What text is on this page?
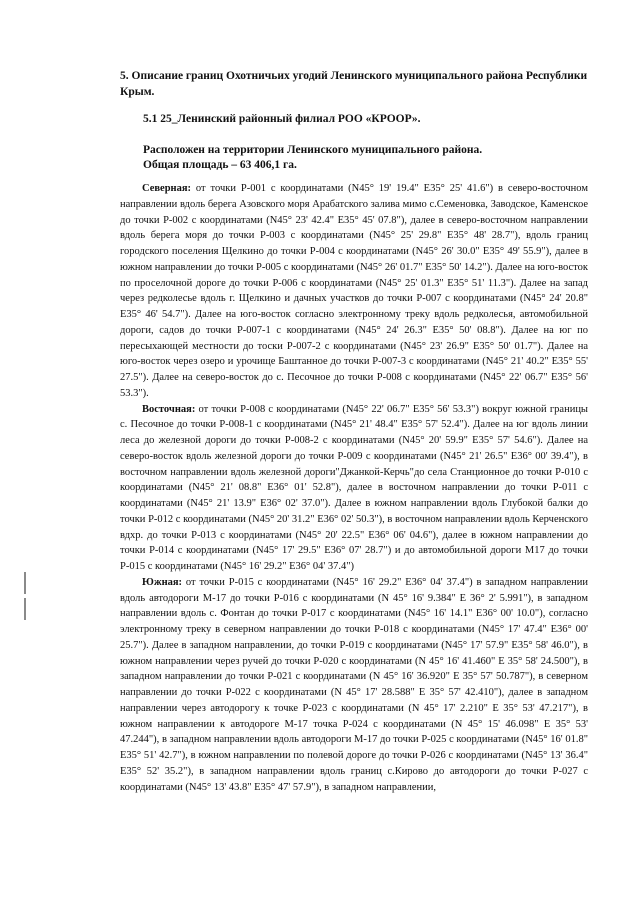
5. Описание границ Охотничьих угодий Ленинского муниципального района Республики Крым.

5.1 25_Ленинский районный филиал РОО «КРООР».

Расположен на территории Ленинского муниципального района.
Общая площадь – 63 406,1 га.

Северная: от точки Р-001 с координатами (N45° 19' 19.4" E35° 25' 41.6") в северо-восточном направлении вдоль берега Азовского моря Арабатского залива мимо с.Семеновка, Заводское, Каменское до точки Р-002 с координатами (N45° 23' 42.4" E35° 45' 07.8"), далее в северо-восточном направлении вдоль берега моря до точки Р-003 с координатами (N45° 25' 29.8" E35° 48' 28.7"), вдоль границ городского поселения Щелкино до точки Р-004 с координатами (N45° 26' 30.0" E35° 49' 55.9"), далее в южном направлении до точки Р-005 с координатами (N45° 26' 01.7" E35° 50' 14.2"). Далее на юго-восток по проселочной дороге до точки Р-006 с координатами (N45° 25' 01.3" E35° 51' 11.3"). Далее на запад через редколесье вдоль г. Щелкино и дачных участков до точки Р-007 с координатами (N45° 24' 20.8" E35° 46' 54.7"). Далее на юго-восток согласно электронному треку вдоль редколесья, автомобильной дороги, садов до точки Р-007-1 с координатами (N45° 24' 26.3" E35° 50' 08.8"). Далее на юг по пересыхающей местности до тоски Р-007-2 с координатами (N45° 23' 26.9" E35° 50' 01.7"). Далее на юго-восток через озеро и урочище Баштанное до точки Р-007-3 с координатами (N45° 21' 40.2" E35° 55' 27.5"). Далее на северо-восток до с. Песочное до точки Р-008 с координатами (N45° 22' 06.7" E35° 56' 53.3").

Восточная: от точки Р-008 с координатами (N45° 22' 06.7" E35° 56' 53.3") вокруг южной границы с. Песочное до точки Р-008-1 с координатами (N45° 21' 48.4" E35° 57' 52.4"). Далее на юг вдоль линии леса до железной дороги до точки Р-008-2 с координатами (N45° 20' 59.9" E35° 57' 54.6"). Далее на северо-восток вдоль железной дороги до точки Р-009 с координатами (N45° 21' 26.5" E36° 00' 39.4"), в восточном направлении вдоль железной дороги"Джанкой-Керчь"до села Станционное до точки Р-010 с координатами (N45° 21' 08.8" E36° 01' 52.8"), далее в восточном направлении до точки Р-011 с координатами (N45° 21' 13.9" E36° 02' 37.0"). Далее в южном направлении вдоль Глубокой балки до точки Р-012 с координатами (N45° 20' 31.2" E36° 02' 50.3"), в восточном направлении вдоль Керченского вдхр. до точки Р-013 с координатами (N45° 20' 22.5" E36° 06' 04.6"), далее в южном направлении до точки Р-014 с координатами (N45° 17' 29.5" E36° 07' 28.7") и до автомобильной дороги М17 до точки Р-015 с координатами (N45° 16' 29.2" E36° 04' 37.4")

Южная: от точки Р-015 с координатами (N45° 16' 29.2" E36° 04' 37.4") в западном направлении вдоль автодороги М-17 до точки Р-016 с координатами (N 45° 16' 9.384" E 36° 2' 5.991"), в западном направлении вдоль с. Фонтан до точки Р-017 с координатами (N45° 16' 14.1" E36° 00' 10.0"), согласно электронному треку в северном направлении до точки Р-018 с координатами (N45° 17' 47.4" E36° 00' 25.7"). Далее в западном направлении, до точки Р-019 с координатами (N45° 17' 57.9" E35° 58' 46.0"), в южном направлении через ручей до точки Р-020 с координатами (N 45° 16' 41.460" E 35° 58' 24.500"), в западном направлении до точки Р-021 с координатами (N 45° 16' 36.920" E 35° 57' 50.787"), в северном направлении до точки Р-022 с координатами (N 45° 17' 28.588" E 35° 57' 42.410"), далее в западном направлении через автодорогу к точке Р-023 с координатами (N 45° 17' 2.210" E 35° 53' 47.217"), в южном направлении к автодороге М-17 точка Р-024 с координатами (N 45° 15' 46.098" E 35° 53' 47.244"), в западном направлении вдоль автодороги М-17 до точки Р-025 с координатами (N45° 16' 01.8" E35° 51' 42.7"), в южном направлении по полевой дороге до точки Р-026 с координатами (N45° 13' 36.4" E35° 52' 35.2"), в западном направлении вдоль границ с.Кирово до автодороги до точки Р-027 с координатами (N45° 13' 43.8" E35° 47' 57.9"), в западном направлении,
